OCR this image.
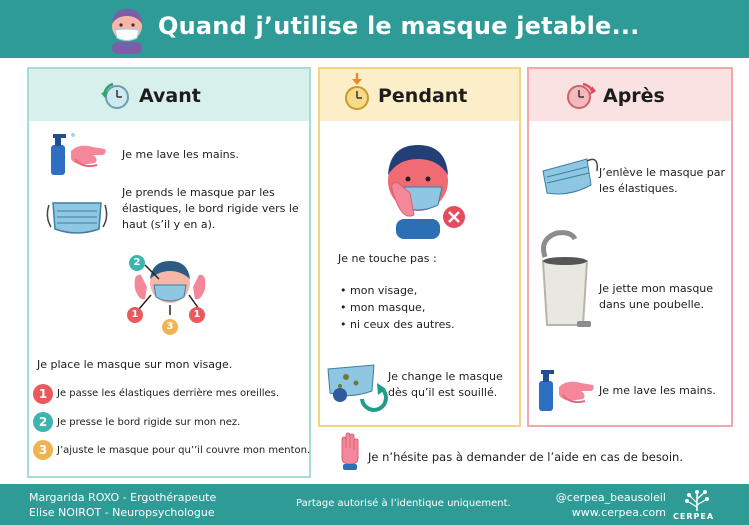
Quand j’utilise le masque jetable...
Avant
Je me lave les mains.
Je prends le masque par les élastiques, le bord rigide vers le haut (s’il y en a).
2
1
3
1
Je place le masque sur mon visage.
1 Je passe les élastiques derrière mes oreilles.
2 Je presse le bord rigide sur mon nez.
3 J’ajuste le masque pour qu’’il couvre mon menton.
Pendant
Je ne touche pas :
• mon visage,
• mon masque,
• ni ceux des autres.
Je change le masque dès qu’il est souillé.
Après
J’enlève le masque par les élastiques.
Je jette mon masque dans une poubelle.
Je me lave les mains.
Je n’hésite pas à demander de l’aide en cas de besoin.
Margarida ROXO - Ergothérapeute
Elise NOIROT - Neuropsychologue
Partage autorisé à l’identique uniquement.	@cerpea_beausoleil
www.cerpea.com CERPEA
